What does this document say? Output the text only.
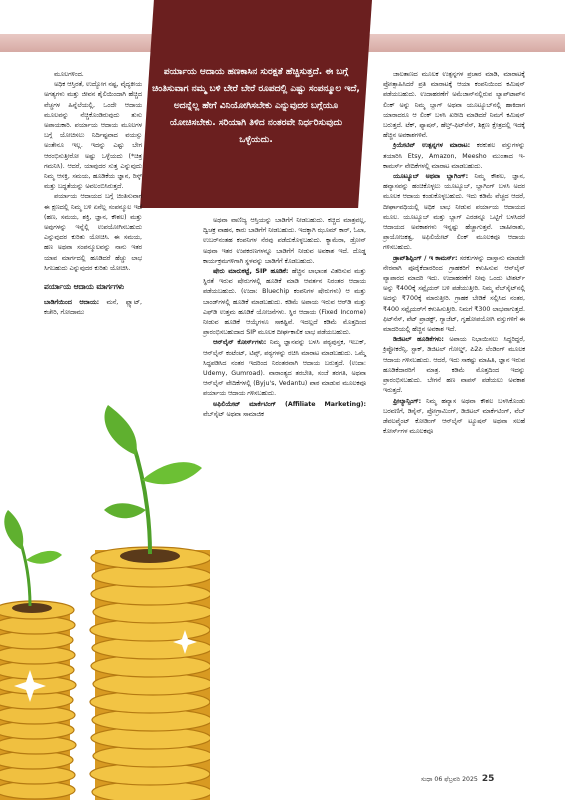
ಪರ್ಯಾಯ ಆದಾಯ ಹಣಕಾಸಿನ ಸುರಕ್ಷತೆ ಹೆಚ್ಚಿಸುತ್ತದೆ. ಈ ಬಗ್ಗೆ ಚಿಂತಿಸುವಾಗ ನಮ್ಮ ಬಳಿ ಬೇರೆ ಬೇರೆ ರೂಪದಲ್ಲಿ ಎಷ್ಟು ಸಂಪನ್ಮೂಲ ಇದೆ, ಅದನ್ನೆಲ್ಲ ಹೇಗೆ ವಿನಿಯೋಗಿಸಬೇಕು ಎನ್ನುವುದರ ಬಗ್ಗೆಯೂ ಯೋಚಿಸಬೇಕು. ಸರಿಯಾಗಿ ತಿಳಿದ ನಂತರವೇ ನಿರ್ಧರಿಸುವುದು ಒಳ್ಳೆಯದು.

ಮೂಲಗಳಿಂದ.

ಅಧಿಕ ಆಸ್ತಿರತೆ, ಉದ್ಯೋಗ ನಷ್ಟ, ವೈದ್ಯಕೀಯ ಅಗತ್ಯಗಳು ಮತ್ತು ಜೀವನ ಶೈಲಿಯಿಂದಾಗಿ ಹೆಚ್ಚಿದ ವೆಚ್ಚಗಳ ಹಿನ್ನೆಲೆಯಲ್ಲಿ, ಒಂದೇ ಆದಾಯ ಮೂಲವನ್ನು ನೆಚ್ಚಿಕೊಂಡಿರುವುದು ತುಸು ಅಪಾಯಕಾರಿ. ಪರ್ಯಾಯ ಆದಾಯ ಮೂಲಗಳ ಬಗ್ಗೆ ಯೋಚಿಸಲು ನಿರ್ದಿಷ್ಟವಾದ ವಯಸ್ಸು ಅಂತೇನೂ ಇಲ್ಲ. ಇದನ್ನು ಎಷ್ಟು ಬೇಗ ಆರಂಭಿಸುತ್ತೀರೋ ಅಷ್ಟು ಒಳ್ಳೆಯದು (*ಚಿತ್ರ ಗಮನಿಸಿ). ಆದರೆ, ಯಾವುದರ ಸುತ್ತ ಎನ್ನುವುದು ನಿಮ್ಮ ಆಸಕ್ತಿ, ಸಮಯ, ಹೂಡಿಕೆಯ ಜ್ಞಾನ, ರಿಸ್ಕ್ ಮತ್ತು ಬದ್ಧತೆಯನ್ನು ಅವಲಂಬಿಸಿರುತ್ತದೆ.

ಪರ್ಯಾಯ ಆದಾಯದ ಬಗ್ಗೆ ಚಿಂತಿಸುವಾಗ ಈ ಕ್ಷಣದಲ್ಲಿ ನಿಮ್ಮ ಬಳಿ ಏನೆಲ್ಲ ಸಂಪನ್ಮೂಲ ಇದೆ (ಹಣ, ಸಮಯ, ಶಕ್ತಿ, ಜ್ಞಾನ, ಕೌಶಲ) ಮತ್ತು ಅವುಗಳನ್ನು ಇನ್ನೆಲ್ಲಿ ಉಪಯೋಗಿಸಬಹುದು ಎನ್ನುವುದರ ಕುರಿತು ಯೋಚಿಸಿ. ಈ ಸಮಯ, ಹಣ ಅಥವಾ ಸಂಪನ್ಮೂಲವನ್ನು ನಾನು ಇತರ ಯಾವ ಮಾರ್ಗದಲ್ಲಿ ಹೂಡಿದರೆ ಹೆಚ್ಚು ಲಾಭ ಸಿಗಬಹುದು ಎನ್ನುವುದರ ಕುರಿತು ಯೋಚಿಸಿ.

ಪರ್ಯಾಯ ಆದಾಯ ಮಾರ್ಗಗಳು

ಬಾಡಿಗೆಯಿಂದ ಆದಾಯ: ಮನೆ, ಫ್ಲ್ಯಾಟ್, ಕಚೇರಿ, ಗೋದಾಮು

ಅಥವಾ ವಾಣಿಜ್ಯ ಆಸ್ತಿಯನ್ನು ಬಾಡಿಗೆಗೆ ನೀಡಬಹುದು. ಕಚ್ಚಿದ ಮಾತ್ರವಲ್ಲ, ದ್ವಿಚಕ್ರ ವಾಹನ, ಕಾರು ಬಾಡಿಗೆಗೆ ನೀಡಬಹುದು. ಇದಕ್ಕಾಗಿ ಝೂಮ್‌ ಕಾರ್, ಓಲಾ, ಉಬರ್‌ನಂತಹ ಕಂಪನಿಗಳ ನೆರವು ಪಡೆದುಕೊಳ್ಳಬಹುದು. ಕ್ಯಾಮೆರಾ, ಡ್ರೋನ್ ಅಥವಾ ಇತರ ಉಪಕರಣಗಳನ್ನೂ ಬಾಡಿಗೆಗೆ ನೀಡುವ ಅವಕಾಶ ಇದೆ. ದೊಡ್ಡ ಕಾರ್ಯಕ್ರಮಗಳಿಗಾಗಿ ಸ್ಥಳವನ್ನು ಬಾಡಿಗೆಗೆ ಕೊಡಬಹುದು.

ಷೇರು ಮಾರುಕಟ್ಟೆ, SIP ಹೂಡಿಕೆ: ಹೆಚ್ಚಿನ ಲಾಭಾಂಶ ವಿತರಿಸುವ ಮತ್ತು ಸ್ಥಿರತೆ ಇರುವ ಷೇರುಗಳಲ್ಲಿ ಹೂಡಿಕೆ ಮಾಡಿ ಆವರ್ತನ ನಿರಂತರ ಆದಾಯ ಪಡೆಯಬಹುದು. (ಉದಾ: Bluechip ಕಂಪನಿಗಳ ಷೇರುಗಳು) ಆ ಮತ್ತು ಬಾಂಡ್‌ಗಳಲ್ಲಿ ಹೂಡಿಕೆ ಮಾಡಬಹುದು. ಕಡಿಮೆ ಅಪಾಯ ಇರುವ ಆರ್‌ಡಿ ಮತ್ತು ಎಫ್‌ಡಿ ಉತ್ತಮ ಹೂಡಿಕೆ ಯೋಜನೆಗಳು. ಸ್ಥಿರ ಆದಾಯ (Fixed Income) ನೀಡುವ ಹೂಡಿಕೆ ಆಯ್ಕೆಗಳೂ ಸಾಕಷ್ಟಿವೆ. ಇದಲ್ಲದೆ ಕಡಿಮೆ ಮೊತ್ತದಿಂದ ಪ್ರಾರಂಭಿಸಬಹುದಾದ SIP ಮೂಲಕ ದೀರ್ಘಕಾಲಿಕ ಲಾಭ ಪಡೆಯಬಹುದು.

ಆನ್‌ಲೈನ್ ಕೋರ್ಸ್‌ಗಳು: ನಿಮ್ಮ ಜ್ಞಾನವನ್ನು ಬಳಸಿ ಪಠ್ಯಪುಸ್ತಕ, ಇಬುಕ್, ಆನ್‌ಲೈನ್ ಕಂಟೆಂಟ್, ಟಿಪ್ಸ್, ಪಠ್ಯಗಳನ್ನು ರಚಿಸಿ ಮಾರಾಟ ಮಾಡಬಹುದು. ಒಮ್ಮೆ ಸಿದ್ಧಪಡಿಸಿದ ನಂತರ ಇದರಿಂದ ನಿರಂತರವಾಗಿ ಆದಾಯ ಬರುತ್ತದೆ. (ಉದಾ: Udemy, Gumroad). ವಾರಾಂತ್ಯದ ತರಬೇತಿ, ಸಂಜೆ ತರಗತಿ, ಅಥವಾ ಆನ್‌ಲೈನ್ ವೇದಿಕೆಗಳಲ್ಲಿ (Byju's, Vedantu) ಪಾಠ ಮಾಡುವ ಮೂಲಕವೂ ಪರ್ಯಾಯ ಆದಾಯ ಗಳಿಸಬಹುದು.

ಅಫಿಲಿಯೇಟ್ ಮಾರ್ಕೆಟಿಂಗ್ (Affiliate Marketing): ವೆಬ್‌ಸೈಟ್ ಅಥವಾ ಸಾಮಾಜಿಕ

ಜಾಲತಾಣದ ಮೂಲಕ ಉತ್ಪನ್ನಗಳ ಪ್ರಚಾರ ಮಾಡಿ, ಮಾರಾಟಕ್ಕೆ ಪ್ರೋತ್ಸಾಹಿಸಿದರೆ ಪ್ರತಿ ಮಾರಾಟಕ್ಕೆ ಆಯಾ ಕಂಪನಿಯಿಂದ ಕಮಿಷನ್ ಪಡೆಯಬಹುದು. ಉದಾಹರಣೆಗೆ ಅಮೆಜಾನ್‌ನಲ್ಲಿರುವ ಲ್ಯಾಪ್‌ಟಾಪ್‌ನ ಲಿಂಕ್ ಅನ್ನು ನಿಮ್ಮ ಬ್ಲಾಗ್ ಅಥವಾ ಯೂಟ್ಯೂಬ್‌ನಲ್ಲಿ ಹಾಕಿದಾಗ ಯಾರಾದರೂ ಆ ಲಿಂಕ್ ಬಳಸಿ ಖರೀದಿ ಮಾಡಿದರೆ ನಿಮಗೆ ಕಮಿಷನ್ ಬರುತ್ತದೆ. ಟೆಕ್, ಫ್ಯಾಷನ್, ಹೆಲ್ತ್-ಫಿಟ್‌ನೆಸ್, ಶಿಕ್ಷಣ ಕ್ಷೇತ್ರದಲ್ಲಿ ಇದಕ್ಕೆ ಹೆಚ್ಚಿನ ಅವಕಾಶಗಳಿವೆ.

ಕ್ರಿಯೇಟಿವ್ ಉತ್ಪನ್ನಗಳ ಮಾರಾಟ: ಕರಕುಶಲ ವಸ್ತುಗಳನ್ನು ತಯಾರಿಸಿ Etsy, Amazon, Meesho ಮುಂತಾದ ಇ-ಕಾಮರ್ಸ್ ವೇದಿಕೆಗಳಲ್ಲಿ ಮಾರಾಟ ಮಾಡಬಹುದು.

ಯೂಟ್ಯೂಬ್ ಅಥವಾ ಬ್ಲಾಗಿಂಗ್: ನಿಮ್ಮ ಕೌಶಲ, ಜ್ಞಾನ, ಹವ್ಯಾಸವನ್ನು ಹಂಚಿಕೊಳ್ಳಲು ಯೂಟ್ಯೂಬ್, ಬ್ಲಾಗಿಂಗ್ ಬಳಸಿ ಅದರ ಮೂಲಕ ಆದಾಯ ಕಂಡುಕೊಳ್ಳಬಹುದು. ಇದು ಕಡಿಮೆ ವೆಚ್ಚದ ಆದರೆ, ದೀರ್ಘಾವಧಿಯಲ್ಲಿ ಅಧಿಕ ಲಾಭ ನೀಡುವ ಪರ್ಯಾಯ ಆದಾಯದ ಮೂಲ. ಯೂಟ್ಯೂಬ್ ಮತ್ತು ಬ್ಲಾಗ್ ಎರಡನ್ನೂ ಒಟ್ಟಿಗೆ ಬಳಸಿದರೆ ಆದಾಯದ ಅವಕಾಶಗಳು ಇನ್ನಷ್ಟು ಹೆಚ್ಚಾಗುತ್ತವೆ. ಜಾಹೀರಾತು, ಪ್ರಾಯೋಜಕತ್ವ, ಅಫಿಲಿಯೇಟ್ ಲಿಂಕ್ ಮೂಲಕವೂ ಆದಾಯ ಗಳಿಸಬಹುದು.

ಡ್ರಾಪ್‌ಶಿಪ್ಪಿಂಗ್ / ಇ ಕಾಮರ್ಸ್: ಸರಕುಗಳನ್ನು ದಾಸ್ತಾನು ಮಾಡದೇ ನೇರವಾಗಿ ಪೂರೈಕೆದಾರರಿಂದ ಗ್ರಾಹಕರಿಗೆ ಕಳುಹಿಸುವ ಆನ್‌ಲೈನ್ ವ್ಯಾಪಾರದ ಮಾದರಿ ಇದು. ಉದಾಹರಣೆಗೆ ನೀವು ಒಂದು ಟೀಶರ್ಟ್ ಅನ್ನು ₹400ಕ್ಕೆ ಸಪ್ಲೈಯರ್ ಬಳಿ ಪಡೆಯುತ್ತೀರಿ. ನಿಮ್ಮ ವೆಬ್‌ಸೈಟ್‌ನಲ್ಲಿ ಅದನ್ನು ₹700ಕ್ಕೆ ಮಾರುತ್ತೀರಿ. ಗ್ರಾಹಕ ಬೇಡಿಕೆ ಸಲ್ಲಿಸಿದ ನಂತರ, ₹400 ಸಪ್ಲೈಯರ್‌ಗೆ ಕಳುಹಿಸುತ್ತೀರಿ. ನಿಮಗೆ ₹300 ಲಾಭವಾಗುತ್ತದೆ. ಫಿಟ್‌ನೆಸ್, ಪೆಟ್ ಪ್ರಾಡಕ್ಟ್, ಗ್ಯಾಜೆಟ್, ಗೃಹೋಪಯೋಗಿ ವಸ್ತುಗಳಿಗೆ ಈ ಮಾದರಿಯಲ್ಲಿ ಹೆಚ್ಚಿನ ಅವಕಾಶ ಇದೆ.

ಡಿಜಿಟಲ್ ಹೂಡಿಕೆಗಳು: ಅಪಾಯ ನಿಭಾಯಿಸಲು ಸಿದ್ಧರಿದ್ದರೆ, ಕ್ರಿಪ್ಟೋಕರೆನ್ಸಿ, ಸ್ಟಾಕ್, ಡಿಜಿಟಲ್ ಗೋಲ್ಡ್, ಪಿ2ಪಿ ಲೆಂಡಿಂಗ್ ಮೂಲಕ ಆದಾಯ ಗಳಿಸಬಹುದು. ಆದರೆ, ಇದು ಸಾಕಷ್ಟು ಮಾಹಿತಿ, ಜ್ಞಾನ ಇರುವ ಹೂಡಿಕೆದಾರರಿಗೆ ಮಾತ್ರ. ಕಡಿಮೆ ಮೊತ್ತದಿಂದ ಇದನ್ನು ಪ್ರಾರಂಭಿಸಬಹುದು. ಬೇಗನೆ ಹಣ ವಾಪಸ್ ಪಡೆಯಲು ಅವಕಾಶ ಇರುತ್ತದೆ.

ಫ್ರೀಲ್ಯಾನ್ಸಿಂಗ್: ನಿಮ್ಮ ಹವ್ಯಾಸ ಅಥವಾ ಕೌಶಲ ಬಳಸಿಕೊಂಡು ಬರವಣಿಗೆ, ಡಿಸೈನ್, ಪ್ರೋಗ್ರಾಮಿಂಗ್, ಡಿಜಿಟಲ್ ಮಾರ್ಕೆಟಿಂಗ್, ವೆಬ್ ಡೆವಲಪ್ಮೆಂಟ್ ಕೋಡಿಂಗ್ ಆನ್‌ಲೈನ್ ಟ್ಯೂಷನ್ ಅಥವಾ ಸಲಹೆ ಕೋರ್ಸ್‌ಗಳ ಮೂಲಕವೂ

ಸುಧಾ 06 ಫೆಬ್ರವರಿ 2025 25
